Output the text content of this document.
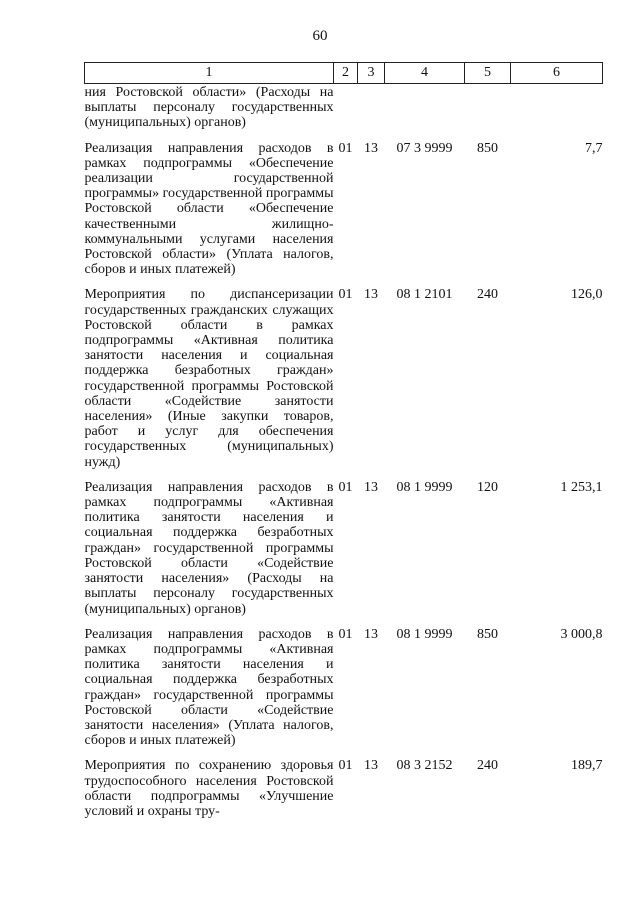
60
1	2	3	4	5	6
ния Ростовской области» (Расходы на выплаты персоналу государственных (муниципальных) органов)					
Реализация направления расходов в рамках подпрограммы «Обеспечение реализации государственной программы» государственной программы Ростовской области «Обеспечение качественными жилищно-коммунальными услугами населения Ростовской области» (Уплата налогов, сборов и иных платежей)	01	13	07 3 9999	850	7,7
Мероприятия по диспансеризации государственных гражданских служащих Ростовской области в рамках подпрограммы «Активная политика занятости населения и социальная поддержка безработных граждан» государственной программы Ростовской области «Содействие занятости населения» (Иные закупки товаров, работ и услуг для обеспечения государственных (муниципальных) нужд)	01	13	08 1 2101	240	126,0
Реализация направления расходов в рамках подпрограммы «Активная политика занятости населения и социальная поддержка безработных граждан» государственной программы Ростовской области «Содействие занятости населения» (Расходы на выплаты персоналу государственных (муниципальных) органов)	01	13	08 1 9999	120	1 253,1
Реализация направления расходов в рамках подпрограммы «Активная политика занятости населения и социальная поддержка безработных граждан» государственной программы Ростовской области «Содействие занятости населения» (Уплата налогов, сборов и иных платежей)	01	13	08 1 9999	850	3 000,8
Мероприятия по сохранению здоровья трудоспособного населения Ростовской области подпрограммы «Улучшение условий и охраны тру-	01	13	08 3 2152	240	189,7
